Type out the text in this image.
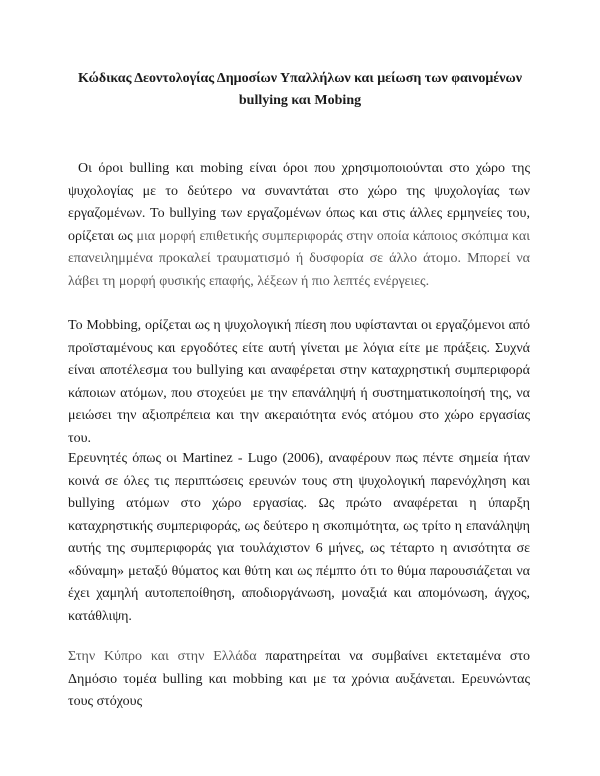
Κώδικας Δεοντολογίας Δημοσίων Υπαλλήλων και μείωση των φαινομένων
bullying και Mobing

Οι όροι bulling και mobing είναι όροι που χρησιμοποιούνται στο χώρο της ψυχολογίας με το δεύτερο να συναντάται στο χώρο της ψυχολογίας των εργαζομένων. Το bullying των εργαζομένων όπως και στις άλλες ερμηνείες του, ορίζεται ως μια μορφή επιθετικής συμπεριφοράς στην οποία κάποιος σκόπιμα και επανειλημμένα προκαλεί τραυματισμό ή δυσφορία σε άλλο άτομο. Μπορεί να λάβει τη μορφή φυσικής επαφής, λέξεων ή πιο λεπτές ενέργειες.

Το Mobbing, ορίζεται ως η ψυχολογική πίεση που υφίστανται οι εργαζόμενοι από προϊσταμένους και εργοδότες είτε αυτή γίνεται με λόγια είτε με πράξεις. Συχνά είναι αποτέλεσμα του bullying και αναφέρεται στην καταχρηστική συμπεριφορά κάποιων ατόμων, που στοχεύει με την επανάληψή ή συστηματικοποίησή της, να μειώσει την αξιοπρέπεια και την ακεραιότητα ενός ατόμου στο χώρο εργασίας του.

Ερευνητές όπως οι Martinez - Lugo (2006), αναφέρουν πως πέντε σημεία ήταν κοινά σε όλες τις περιπτώσεις ερευνών τους στη ψυχολογική παρενόχληση και bullying ατόμων στο χώρο εργασίας. Ως πρώτο αναφέρεται η ύπαρξη καταχρηστικής συμπεριφοράς, ως δεύτερο η σκοπιμότητα, ως τρίτο η επανάληψη αυτής της συμπεριφοράς για τουλάχιστον 6 μήνες, ως τέταρτο η ανισότητα σε «δύναμη» μεταξύ θύματος και θύτη και ως πέμπτο ότι το θύμα παρουσιάζεται να έχει χαμηλή αυτοπεποίθηση, αποδιοργάνωση, μοναξιά και απομόνωση, άγχος, κατάθλιψη.

Στην Κύπρο και στην Ελλάδα παρατηρείται να συμβαίνει εκτεταμένα στο Δημόσιο τομέα bulling και mobbing και με τα χρόνια αυξάνεται. Ερευνώντας τους στόχους
